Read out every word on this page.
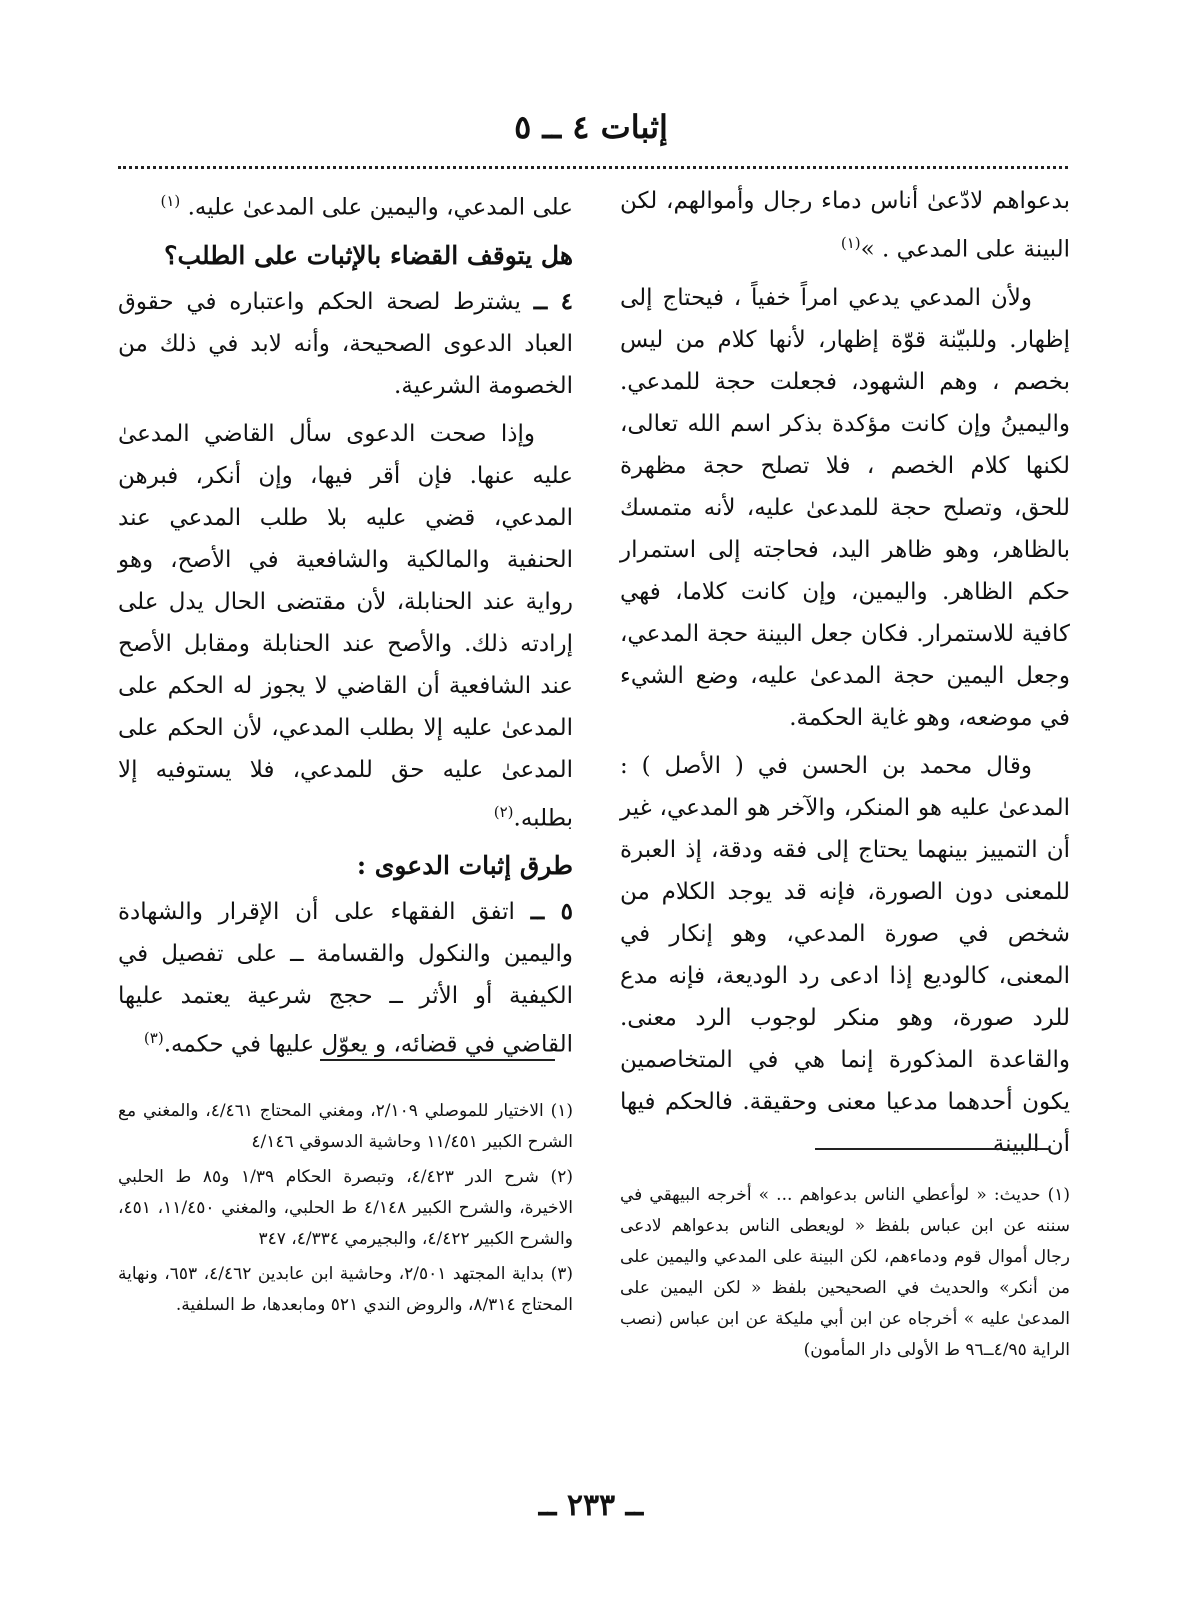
إثبات ٤ ــ ٥

بدعواهم لادّعىٰ أناس دماء رجال وأموالهم، لكن البينة على المدعي . »$^{(١)}$

ولأن المدعي يدعي امراً خفياً ، فيحتاج إلى إظهار. وللبيّنة قوّة إظهار، لأنها كلام من ليس بخصم ، وهم الشهود، فجعلت حجة للمدعي. واليمينُ وإن كانت مؤكدة بذكر اسم الله تعالى، لكنها كلام الخصم ، فلا تصلح حجة مظهرة للحق، وتصلح حجة للمدعىٰ عليه، لأنه متمسك بالظاهر، وهو ظاهر اليد، فحاجته إلى استمرار حكم الظاهر. واليمين، وإن كانت كلاما، فهي كافية للاستمرار. فكان جعل البينة حجة المدعي، وجعل اليمين حجة المدعىٰ عليه، وضع الشيء في موضعه، وهو غاية الحكمة.

وقال محمد بن الحسن في ( الأصل ) : المدعىٰ عليه هو المنكر، والآخر هو المدعي، غير أن التمييز بينهما يحتاج إلى فقه ودقة، إذ العبرة للمعنى دون الصورة، فإنه قد يوجد الكلام من شخص في صورة المدعي، وهو إنكار في المعنى، كالوديع إذا ادعى رد الوديعة، فإنه مدع للرد صورة، وهو منكر لوجوب الرد معنى. والقاعدة المذكورة إنما هي في المتخاصمين يكون أحدهما مدعيا معنى وحقيقة. فالحكم فيها أن البينة

على المدعي، واليمين على المدعىٰ عليه. $^{(١)}$

هل يتوقف القضاء بالإثبات على الطلب؟

٤ ــ يشترط لصحة الحكم واعتباره في حقوق العباد الدعوى الصحيحة، وأنه لابد في ذلك من الخصومة الشرعية.

وإذا صحت الدعوى سأل القاضي المدعىٰ عليه عنها. فإن أقر فيها، وإن أنكر، فبرهن المدعي، قضي عليه بلا طلب المدعي عند الحنفية والمالكية والشافعية في الأصح، وهو رواية عند الحنابلة، لأن مقتضى الحال يدل على إرادته ذلك. والأصح عند الحنابلة ومقابل الأصح عند الشافعية أن القاضي لا يجوز له الحكم على المدعىٰ عليه إلا بطلب المدعي، لأن الحكم على المدعىٰ عليه حق للمدعي، فلا يستوفيه إلا بطلبه.$^{(٢)}$

طرق إثبات الدعوى :

٥ ــ اتفق الفقهاء على أن الإقرار والشهادة واليمين والنكول والقسامة ــ على تفصيل في الكيفية أو الأثر ــ حجج شرعية يعتمد عليها القاضي في قضائه، و يعوّل عليها في حكمه.$^{(٣)}$

(١) الاختيار للموصلي ٢/١٠٩، ومغني المحتاج ٤/٤٦١، والمغني مع الشرح الكبير ١١/٤٥١ وحاشية الدسوقي ٤/١٤٦

(٢) شرح الدر ٤/٤٢٣، وتبصرة الحكام ١/٣٩ و٨٥ ط الحلبي الاخيرة، والشرح الكبير ٤/١٤٨ ط الحلبي، والمغني ١١/٤٥٠، ٤٥١، والشرح الكبير ٤/٤٢٢، والبجيرمي ٤/٣٣٤، ٣٤٧

(٣) بداية المجتهد ٢/٥٠١، وحاشية ابن عابدين ٤/٤٦٢، ٦٥٣، ونهاية المحتاج ٨/٣١٤، والروض الندي ٥٢١ ومابعدها، ط السلفية.

(١) حديث: « لوأعطي الناس بدعواهم ... » أخرجه البيهقي في سننه عن ابن عباس بلفظ « لويعطى الناس بدعواهم لادعى رجال أموال قوم ودماءهم، لكن البينة على المدعي واليمين على من أنكر» والحديث في الصحيحين بلفظ « لكن اليمين على المدعىٰ عليه » أخرجاه عن ابن أبي مليكة عن ابن عباس (نصب الراية ٤/٩٥ــ٩٦ ط الأولى دار المأمون)

ــ ٢٣٣ ــ
